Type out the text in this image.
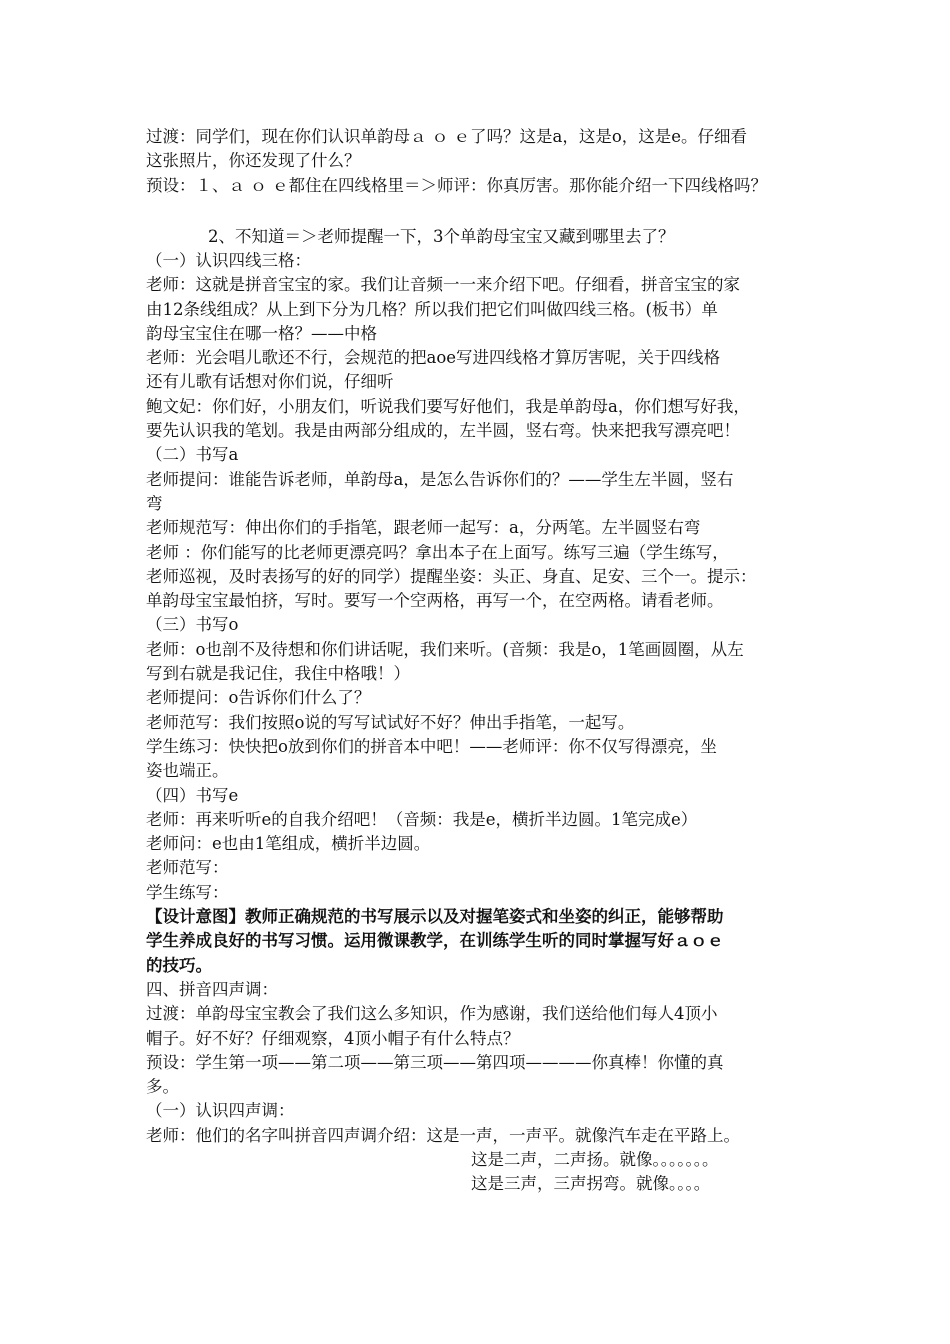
过渡：同学们，现在你们认识单韵母ａ ｏ ｅ了吗？这是a，这是o，这是e。仔细看
这张照片，你还发现了什么？
预设：１、ａ ｏ ｅ都住在四线格里＝＞师评：你真厉害。那你能介绍一下四线格吗？
2、不知道＝＞老师提醒一下，3个单韵母宝宝又藏到哪里去了？
（一）认识四线三格：
老师：这就是拼音宝宝的家。我们让音频一一来介绍下吧。仔细看，拼音宝宝的家
由12条线组成？从上到下分为几格？所以我们把它们叫做四线三格。(板书）单
韵母宝宝住在哪一格？——中格
老师：光会唱儿歌还不行，会规范的把aoe写进四线格才算厉害呢，关于四线格
还有儿歌有话想对你们说，仔细听
鲍文妃：你们好，小朋友们，听说我们要写好他们，我是单韵母a，你们想写好我，
要先认识我的笔划。我是由两部分组成的，左半圆，竖右弯。快来把我写漂亮吧！
（二）书写a
老师提问：谁能告诉老师，单韵母a，是怎么告诉你们的？——学生左半圆，竖右
弯
老师规范写：伸出你们的手指笔，跟老师一起写：a，分两笔。左半圆竖右弯
老师 ：你们能写的比老师更漂亮吗？拿出本子在上面写。练写三遍（学生练写，
老师巡视，及时表扬写的好的同学）提醒坐姿：头正、身直、足安、三个一。提示：
单韵母宝宝最怕挤，写时。要写一个空两格，再写一个，在空两格。请看老师。
（三）书写o
老师：o也剖不及待想和你们讲话呢，我们来听。(音频：我是o，1笔画圆圈，从左
写到右就是我记住，我住中格哦！）
老师提问：o告诉你们什么了？
老师范写：我们按照o说的写写试试好不好？伸出手指笔，一起写。
学生练习：快快把o放到你们的拼音本中吧！——老师评：你不仅写得漂亮，坐
姿也端正。
（四）书写e
老师：再来听听e的自我介绍吧！（音频：我是e，横折半边圆。1笔完成e）
老师问：e也由1笔组成，横折半边圆。
老师范写：
学生练写：
【设计意图】教师正确规范的书写展示以及对握笔姿式和坐姿的纠正，能够帮助
学生养成良好的书写习惯。运用微课教学，在训练学生听的同时掌握写好ａｏｅ
的技巧。
四、拼音四声调：
过渡：单韵母宝宝教会了我们这么多知识，作为感谢，我们送给他们每人4顶小
帽子。好不好？仔细观察，4顶小帽子有什么特点？
预设：学生第一项——第二项——第三项——第四项————你真棒！你懂的真
多。
（一）认识四声调：
老师：他们的名字叫拼音四声调介绍：这是一声，一声平。就像汽车走在平路上。
这是二声，二声扬。就像。。。。。。。
这是三声，三声拐弯。就像。。。。
